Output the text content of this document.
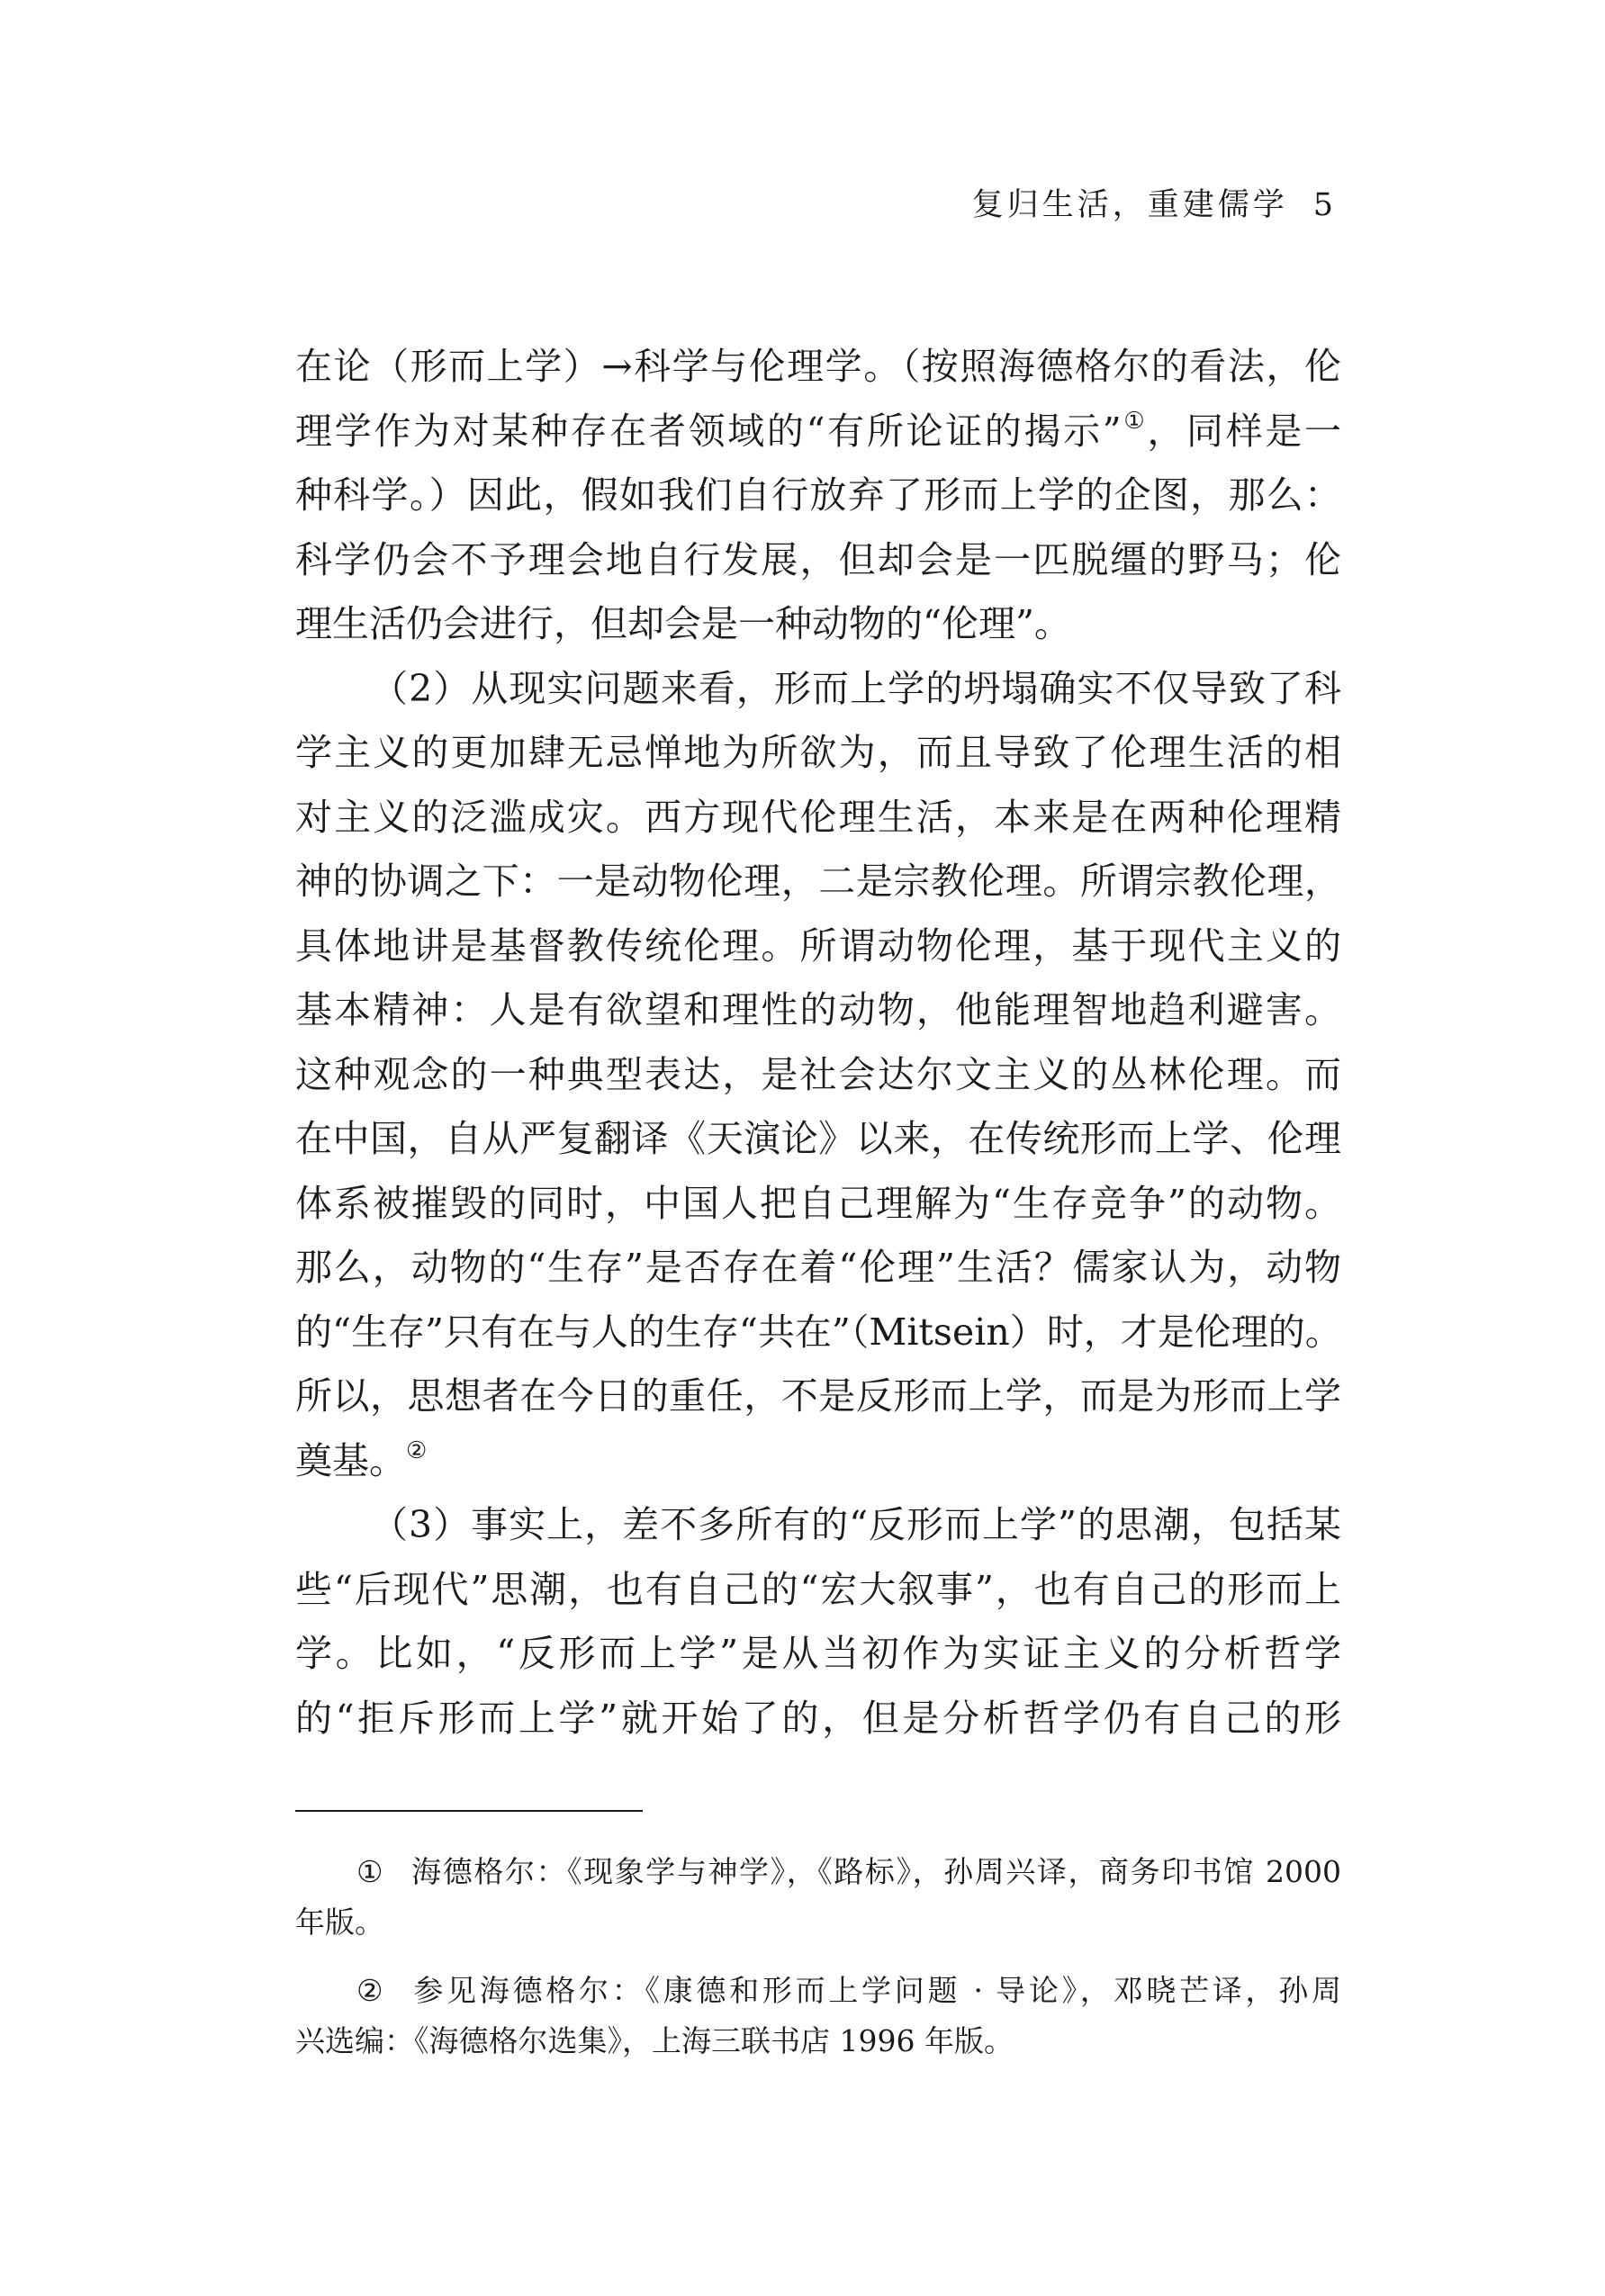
复归生活，重建儒学 5
在论（形而上学）→科学与伦理学。（按照海德格尔的看法，伦
理学作为对某种存在者领域的“有所论证的揭示”①，同样是一
种科学。）因此，假如我们自行放弃了形而上学的企图，那么：
科学仍会不予理会地自行发展，但却会是一匹脱缰的野马；伦
理生活仍会进行，但却会是一种动物的“伦理”。
（2）从现实问题来看，形而上学的坍塌确实不仅导致了科
学主义的更加肆无忌惮地为所欲为，而且导致了伦理生活的相
对主义的泛滥成灾。西方现代伦理生活，本来是在两种伦理精
神的协调之下：一是动物伦理，二是宗教伦理。所谓宗教伦理，
具体地讲是基督教传统伦理。所谓动物伦理，基于现代主义的
基本精神：人是有欲望和理性的动物，他能理智地趋利避害。
这种观念的一种典型表达，是社会达尔文主义的丛林伦理。而
在中国，自从严复翻译《天演论》以来，在传统形而上学、伦理
体系被摧毁的同时，中国人把自己理解为“生存竞争”的动物。
那么，动物的“生存”是否存在着“伦理”生活？儒家认为，动物
的“生存”只有在与人的生存“共在”（Mitsein）时，才是伦理的。
所以，思想者在今日的重任，不是反形而上学，而是为形而上学
奠基。②
（3）事实上，差不多所有的“反形而上学”的思潮，包括某
些“后现代”思潮，也有自己的“宏大叙事”，也有自己的形而上
学。比如，“反形而上学”是从当初作为实证主义的分析哲学
的“拒斥形而上学”就开始了的，但是分析哲学仍有自己的形
① 海德格尔：《现象学与神学》，《路标》，孙周兴译，商务印书馆 2000
年版。
② 参见海德格尔：《康德和形而上学问题 · 导论》，邓晓芒译，孙周
兴选编：《海德格尔选集》，上海三联书店 1996 年版。
